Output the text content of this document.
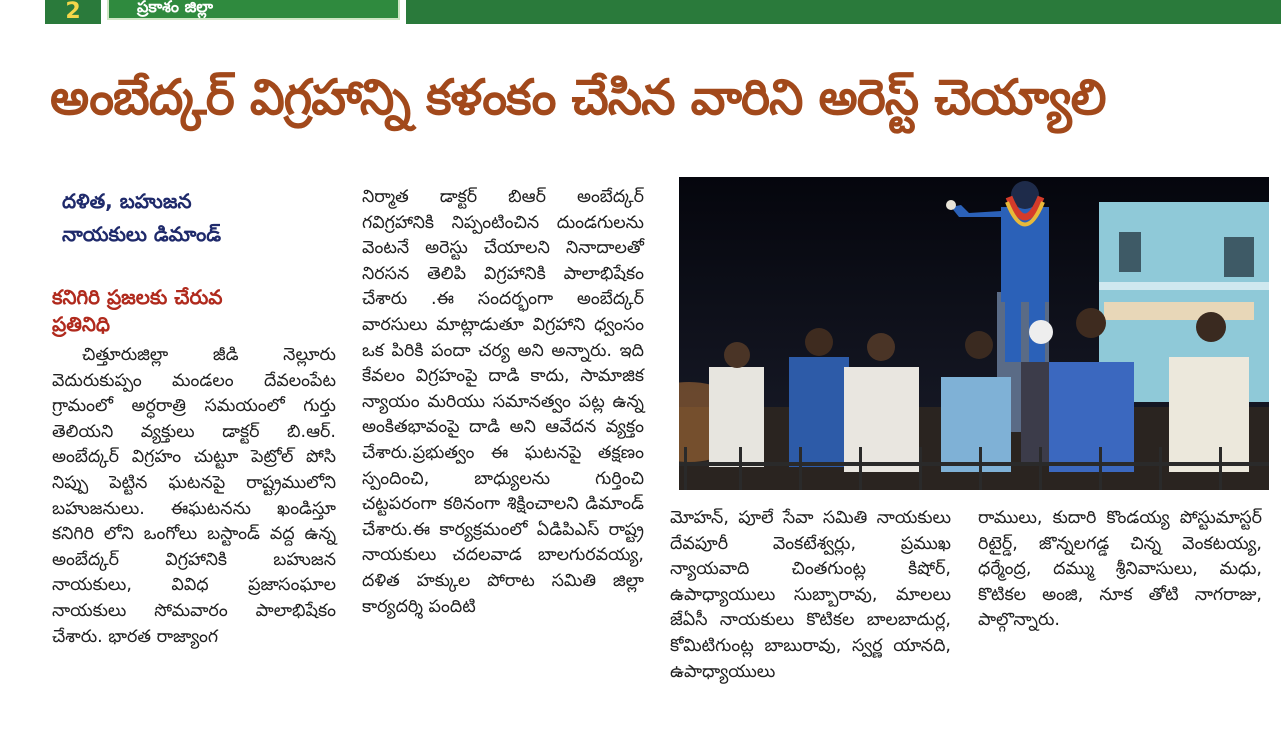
2	ప్రకాశం జిల్లా
అంబేద్కర్ విగ్రహాన్ని కళంకం చేసిన వారిని అరెస్ట్ చెయ్యాలి
దళిత, బహుజన
నాయకులు డిమాండ్
కనిగిరి ప్రజలకు చేరువ
ప్రతినిధి

చిత్తూరుజిల్లా జీడి నెల్లూరు వెదురుకుప్పం మండలం దేవలంపేట గ్రామంలో అర్ధరాత్రి సమయంలో గుర్తు తెలియని వ్యక్తులు డాక్టర్ బి.ఆర్. అంబేద్కర్ విగ్రహం చుట్టూ పెట్రోల్ పోసి నిప్పు పెట్టిన ఘటనపై రాష్ట్రములోని బహుజనులు. ఈఘటనను ఖండిస్తూ కనిగిరి లోని ఒంగోలు బస్టాండ్ వద్ద ఉన్న అంబేద్కర్ విగ్రహానికి బహుజన నాయకులు, వివిధ ప్రజాసంఘాల నాయకులు సోమవారం పాలాభిషేకం చేశారు. భారత రాజ్యాంగ

నిర్మాత డాక్టర్ బిఆర్ అంబేద్కర్ గవిగ్రహానికి నిప్పంటించిన దుండగులను వెంటనే అరెస్టు చేయాలని నినాదాలతో నిరసన తెలిపి విగ్రహానికి పాలాభిషేకం చేశారు .ఈ సందర్భంగా అంబేద్కర్ వారసులు మాట్లాడుతూ విగ్రహాని ధ్వంసం ఒక పిరికి పందా చర్య అని అన్నారు. ఇది కేవలం విగ్రహంపై దాడి కాదు, సామాజిక న్యాయం మరియు సమానత్వం పట్ల ఉన్న అంకితభావంపై దాడి అని ఆవేదన వ్యక్తం చేశారు.ప్రభుత్వం ఈ ఘటనపై తక్షణం స్పందించి, బాధ్యులను గుర్తించి చట్టపరంగా కఠినంగా శిక్షించాలని డిమాండ్ చేశారు.ఈ కార్యక్రమంలో ఏడిపిఎస్ రాష్ట్ర నాయకులు చదలవాడ బాలగురవయ్య, దళిత హక్కుల పోరాట సమితి జిల్లా కార్యదర్శి పందిటి

మోహన్, పూలే సేవా సమితి నాయకులు దేవపూరీ వెంకటేశ్వర్లు, ప్రముఖ న్యాయవాది చింతగుంట్ల కిషోర్, ఉపాధ్యాయులు సుబ్బారావు, మాలలు జేఏసీ నాయకులు కొటికల బాలబాదుర్ల, కోమిటిగుంట్ల బాబురావు, స్వర్ణ యానది, ఉపాధ్యాయులు

రాములు, కుదారి కొండయ్య పోస్టుమాస్టర్ రిటైర్డ్, జొన్నలగడ్డ చిన్న వెంకటయ్య, ధర్మేంద్ర, దమ్ము శ్రీనివాసులు, మధు, కొటికల అంజి, నూక తోటి నాగరాజు, పాల్గొన్నారు.
